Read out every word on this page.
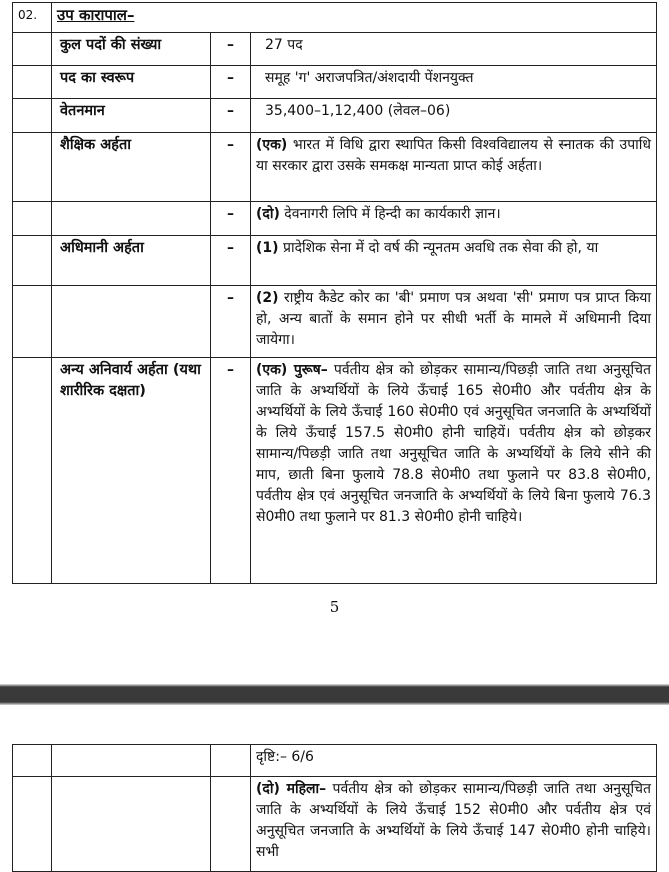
02.	उप कारापाल–		
	कुल पदों की संख्या	–	27 पद
	पद का स्वरूप	–	समूह 'ग' अराजपत्रित/अंशदायी पेंशनयुक्त
	वेतनमान	–	35,400–1,12,400 (लेवल–06)
	शैक्षिक अर्हता	–	(एक) भारत में विधि द्वारा स्थापित किसी विश्वविद्यालय से स्नातक की उपाधि या सरकार द्वारा उसके समकक्ष मान्यता प्राप्त कोई अर्हता।
		–	(दो) देवनागरी लिपि में हिन्दी का कार्यकारी ज्ञान।
	अधिमानी अर्हता	–	(1) प्रादेशिक सेना में दो वर्ष की न्यूनतम अवधि तक सेवा की हो, या
		–	(2) राष्ट्रीय कैडेट कोर का 'बी' प्रमाण पत्र अथवा 'सी' प्रमाण पत्र प्राप्त किया हो, अन्य बातों के समान होने पर सीधी भर्ती के मामले में अधिमानी दिया जायेगा।
	अन्य अनिवार्य अर्हता (यथा शारीरिक दक्षता)	–	(एक) पुरूष– पर्वतीय क्षेत्र को छोड़कर सामान्य/पिछड़ी जाति तथा अनुसूचित जाति के अभ्यर्थियों के लिये ऊँचाई 165 से0मी0 और पर्वतीय क्षेत्र के अभ्यर्थियों के लिये ऊँचाई 160 से0मी0 एवं अनुसूचित जनजाति के अभ्यर्थियों के लिये ऊँचाई 157.5 से0मी0 होनी चाहियें। पर्वतीय क्षेत्र को छोड़कर सामान्य/पिछड़ी जाति तथा अनुसूचित जाति के अभ्यर्थियों के लिये सीने की माप, छाती बिना फुलाये 78.8 से0मी0 तथा फुलाने पर 83.8 से0मी0, पर्वतीय क्षेत्र एवं अनुसूचित जनजाति के अभ्यर्थियों के लिये बिना फुलाये 76.3 से0मी0 तथा फुलाने पर 81.3 से0मी0 होनी चाहिये।
5
			दृष्टि:– 6/6
			(दो) महिला– पर्वतीय क्षेत्र को छोड़कर सामान्य/पिछड़ी जाति तथा अनुसूचित जाति के अभ्यर्थियों के लिये ऊँचाई 152 से0मी0 और पर्वतीय क्षेत्र एवं अनुसूचित जनजाति के अभ्यर्थियों के लिये ऊँचाई 147 से0मी0 होनी चाहिये। सभी
